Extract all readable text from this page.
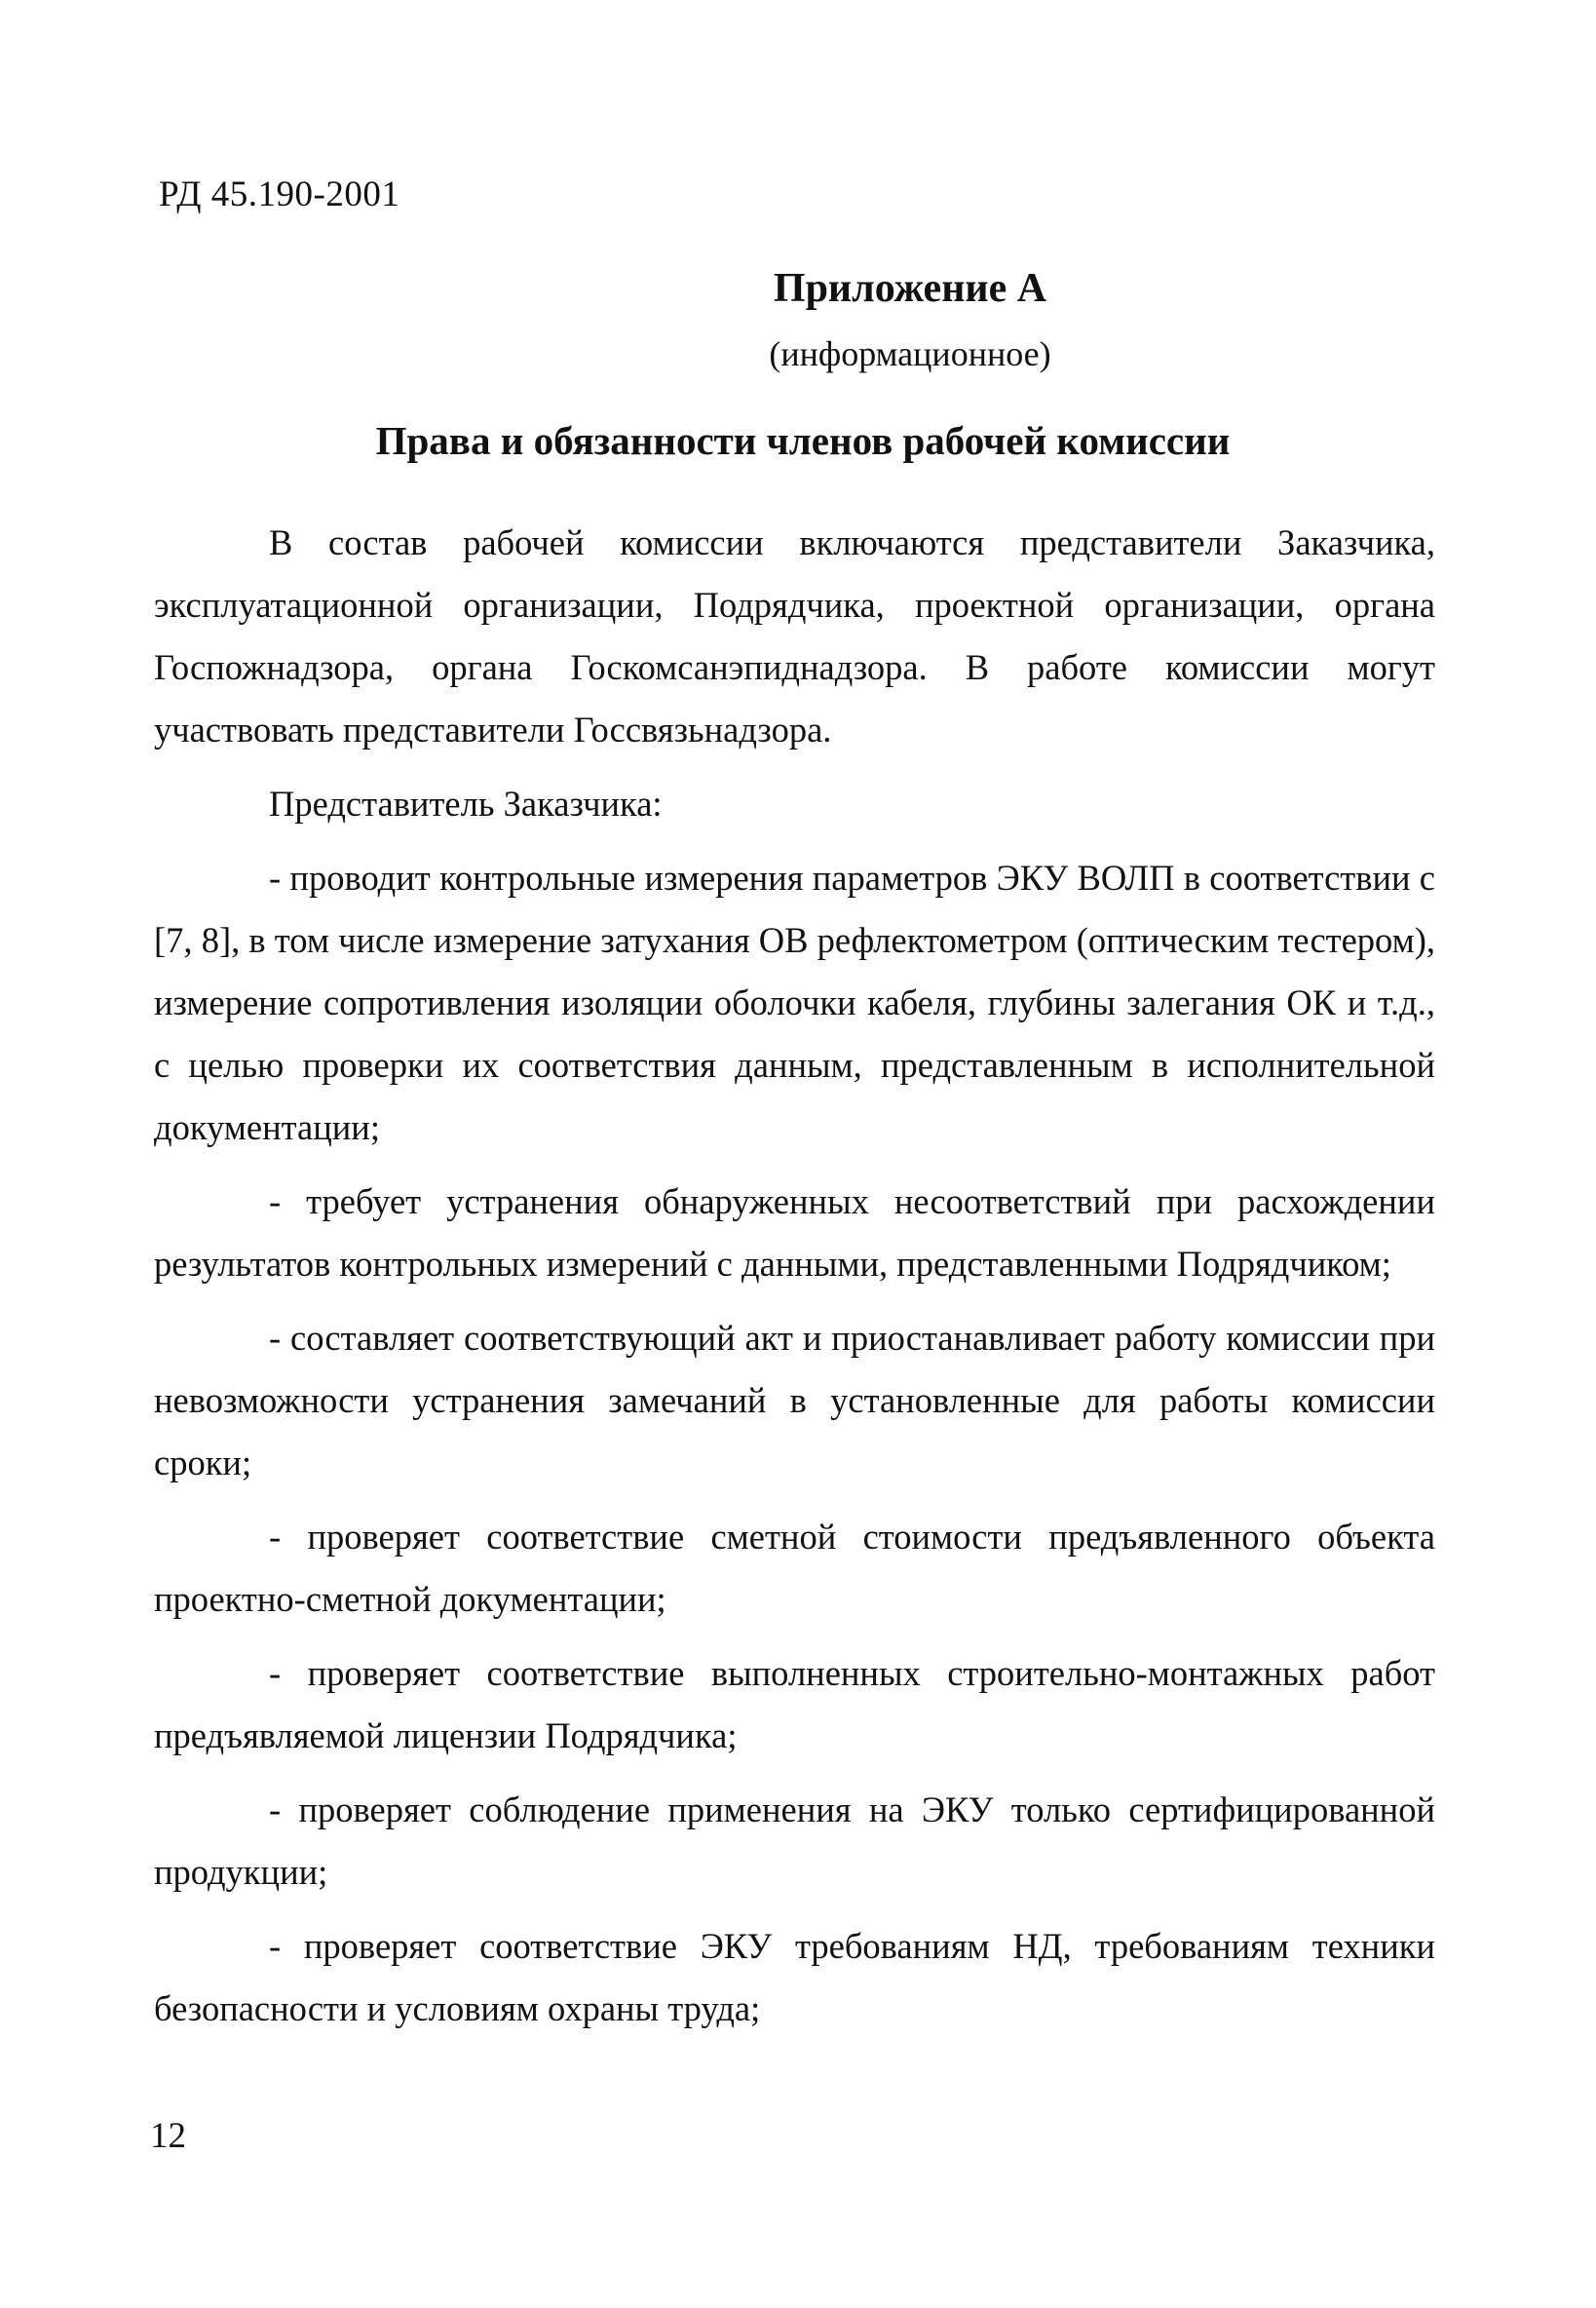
РД 45.190-2001

Приложение А

(информационное)

Права и обязанности членов рабочей комиссии

В состав рабочей комиссии включаются представители Заказчика, эксплуатационной организации, Подрядчика, проектной организации, органа Госпожнадзора, органа Госкомсанэпиднадзора. В работе комиссии могут участвовать представители Госсвязьнадзора.

Представитель Заказчика:

- проводит контрольные измерения параметров ЭКУ ВОЛП в соответствии с [7, 8], в том числе измерение затухания ОВ рефлектометром (оптическим тестером), измерение сопротивления изоляции оболочки кабеля, глубины залегания ОК и т.д., с целью проверки их соответствия данным, представленным в исполнительной документации;

- требует устранения обнаруженных несоответствий при расхождении результатов контрольных измерений с данными, представленными Подрядчиком;

- составляет соответствующий акт и приостанавливает работу комиссии при невозможности устранения замечаний в установленные для работы комиссии сроки;

- проверяет соответствие сметной стоимости предъявленного объекта проектно-сметной документации;

- проверяет соответствие выполненных строительно-монтажных работ предъявляемой лицензии Подрядчика;

- проверяет соблюдение применения на ЭКУ только сертифицированной продукции;

- проверяет соответствие ЭКУ требованиям НД, требованиям техники безопасности и условиям охраны труда;

12
